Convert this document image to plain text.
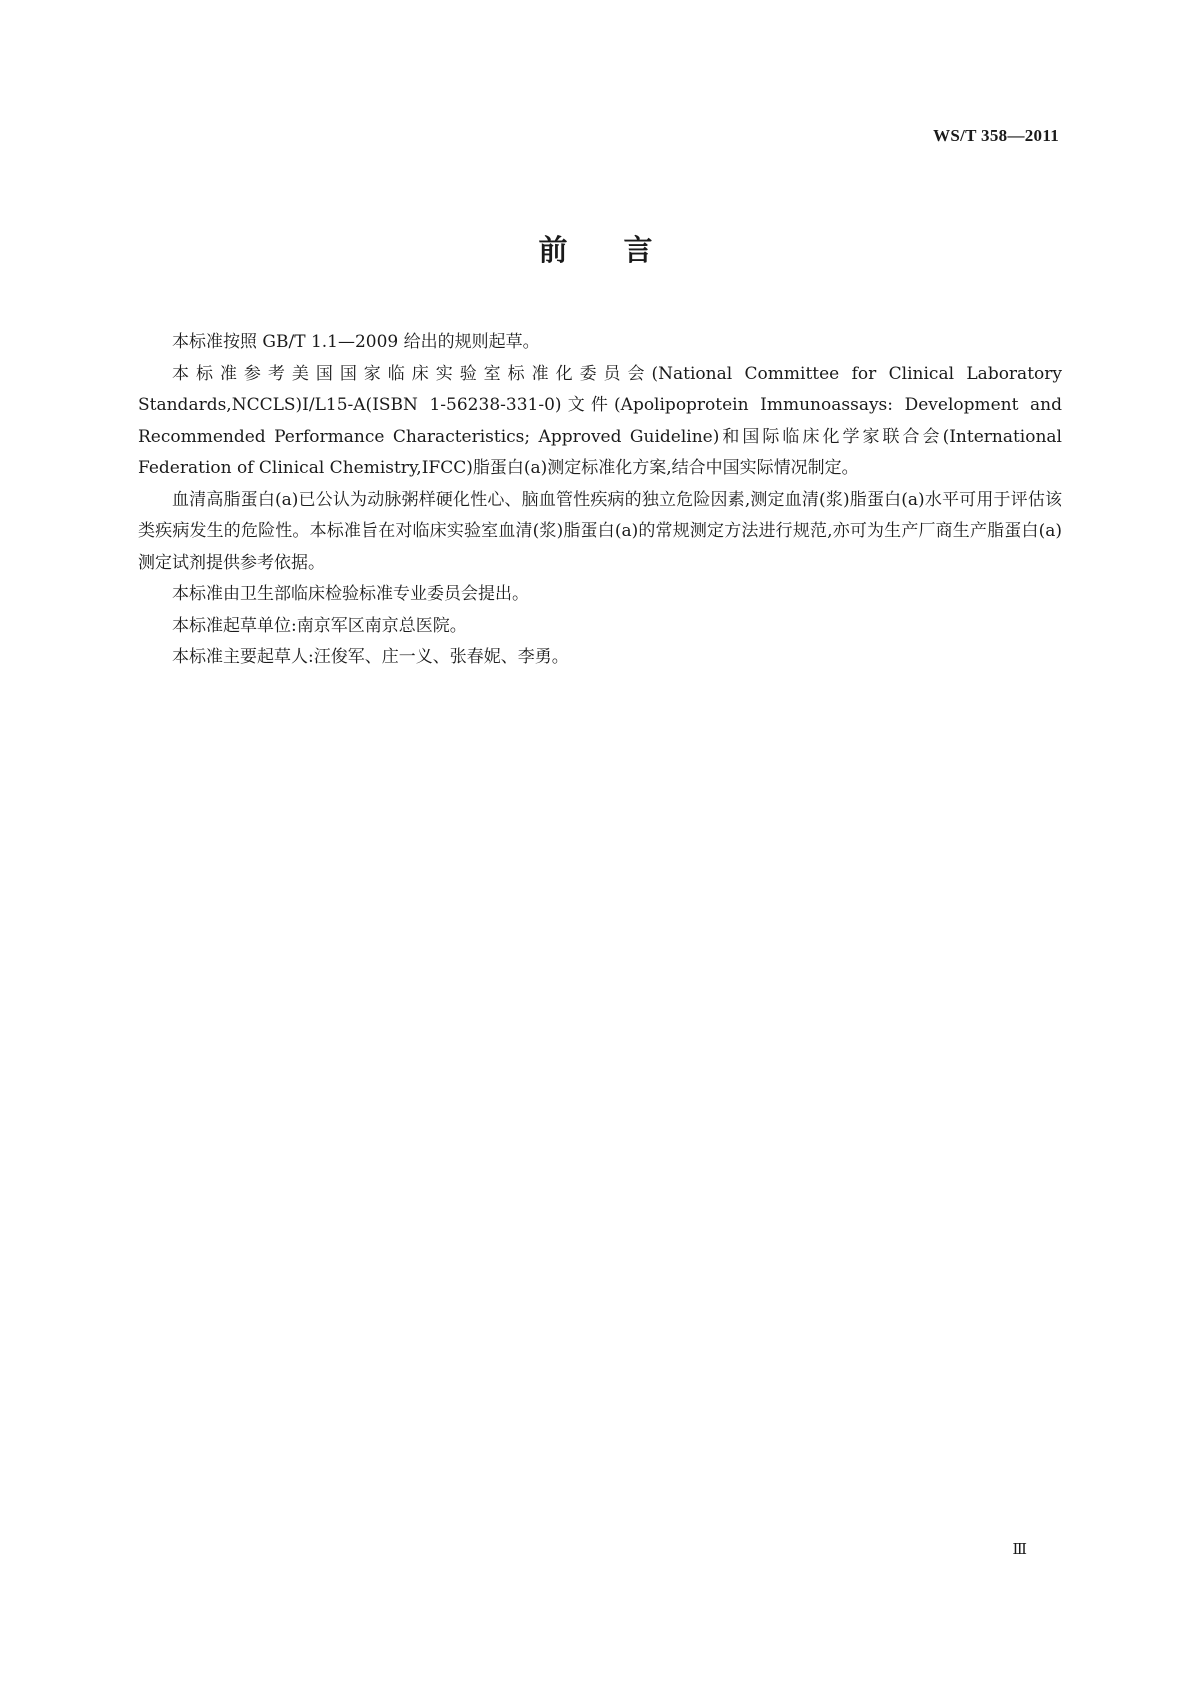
WS/T 358—2011
前言

本标准按照 GB/T 1.1—2009 给出的规则起草。

本标准参考美国国家临床实验室标准化委员会(National Committee for Clinical Laboratory Standards,NCCLS)I/L15-A(ISBN 1-56238-331-0)文件(Apolipoprotein Immunoassays: Development and Recommended Performance Characteristics; Approved Guideline)和国际临床化学家联合会(International Federation of Clinical Chemistry,IFCC)脂蛋白(a)测定标准化方案,结合中国实际情况制定。

血清高脂蛋白(a)已公认为动脉粥样硬化性心、脑血管性疾病的独立危险因素,测定血清(浆)脂蛋白(a)水平可用于评估该类疾病发生的危险性。本标准旨在对临床实验室血清(浆)脂蛋白(a)的常规测定方法进行规范,亦可为生产厂商生产脂蛋白(a)测定试剂提供参考依据。

本标准由卫生部临床检验标准专业委员会提出。

本标准起草单位:南京军区南京总医院。

本标准主要起草人:汪俊军、庄一义、张春妮、李勇。

Ⅲ
